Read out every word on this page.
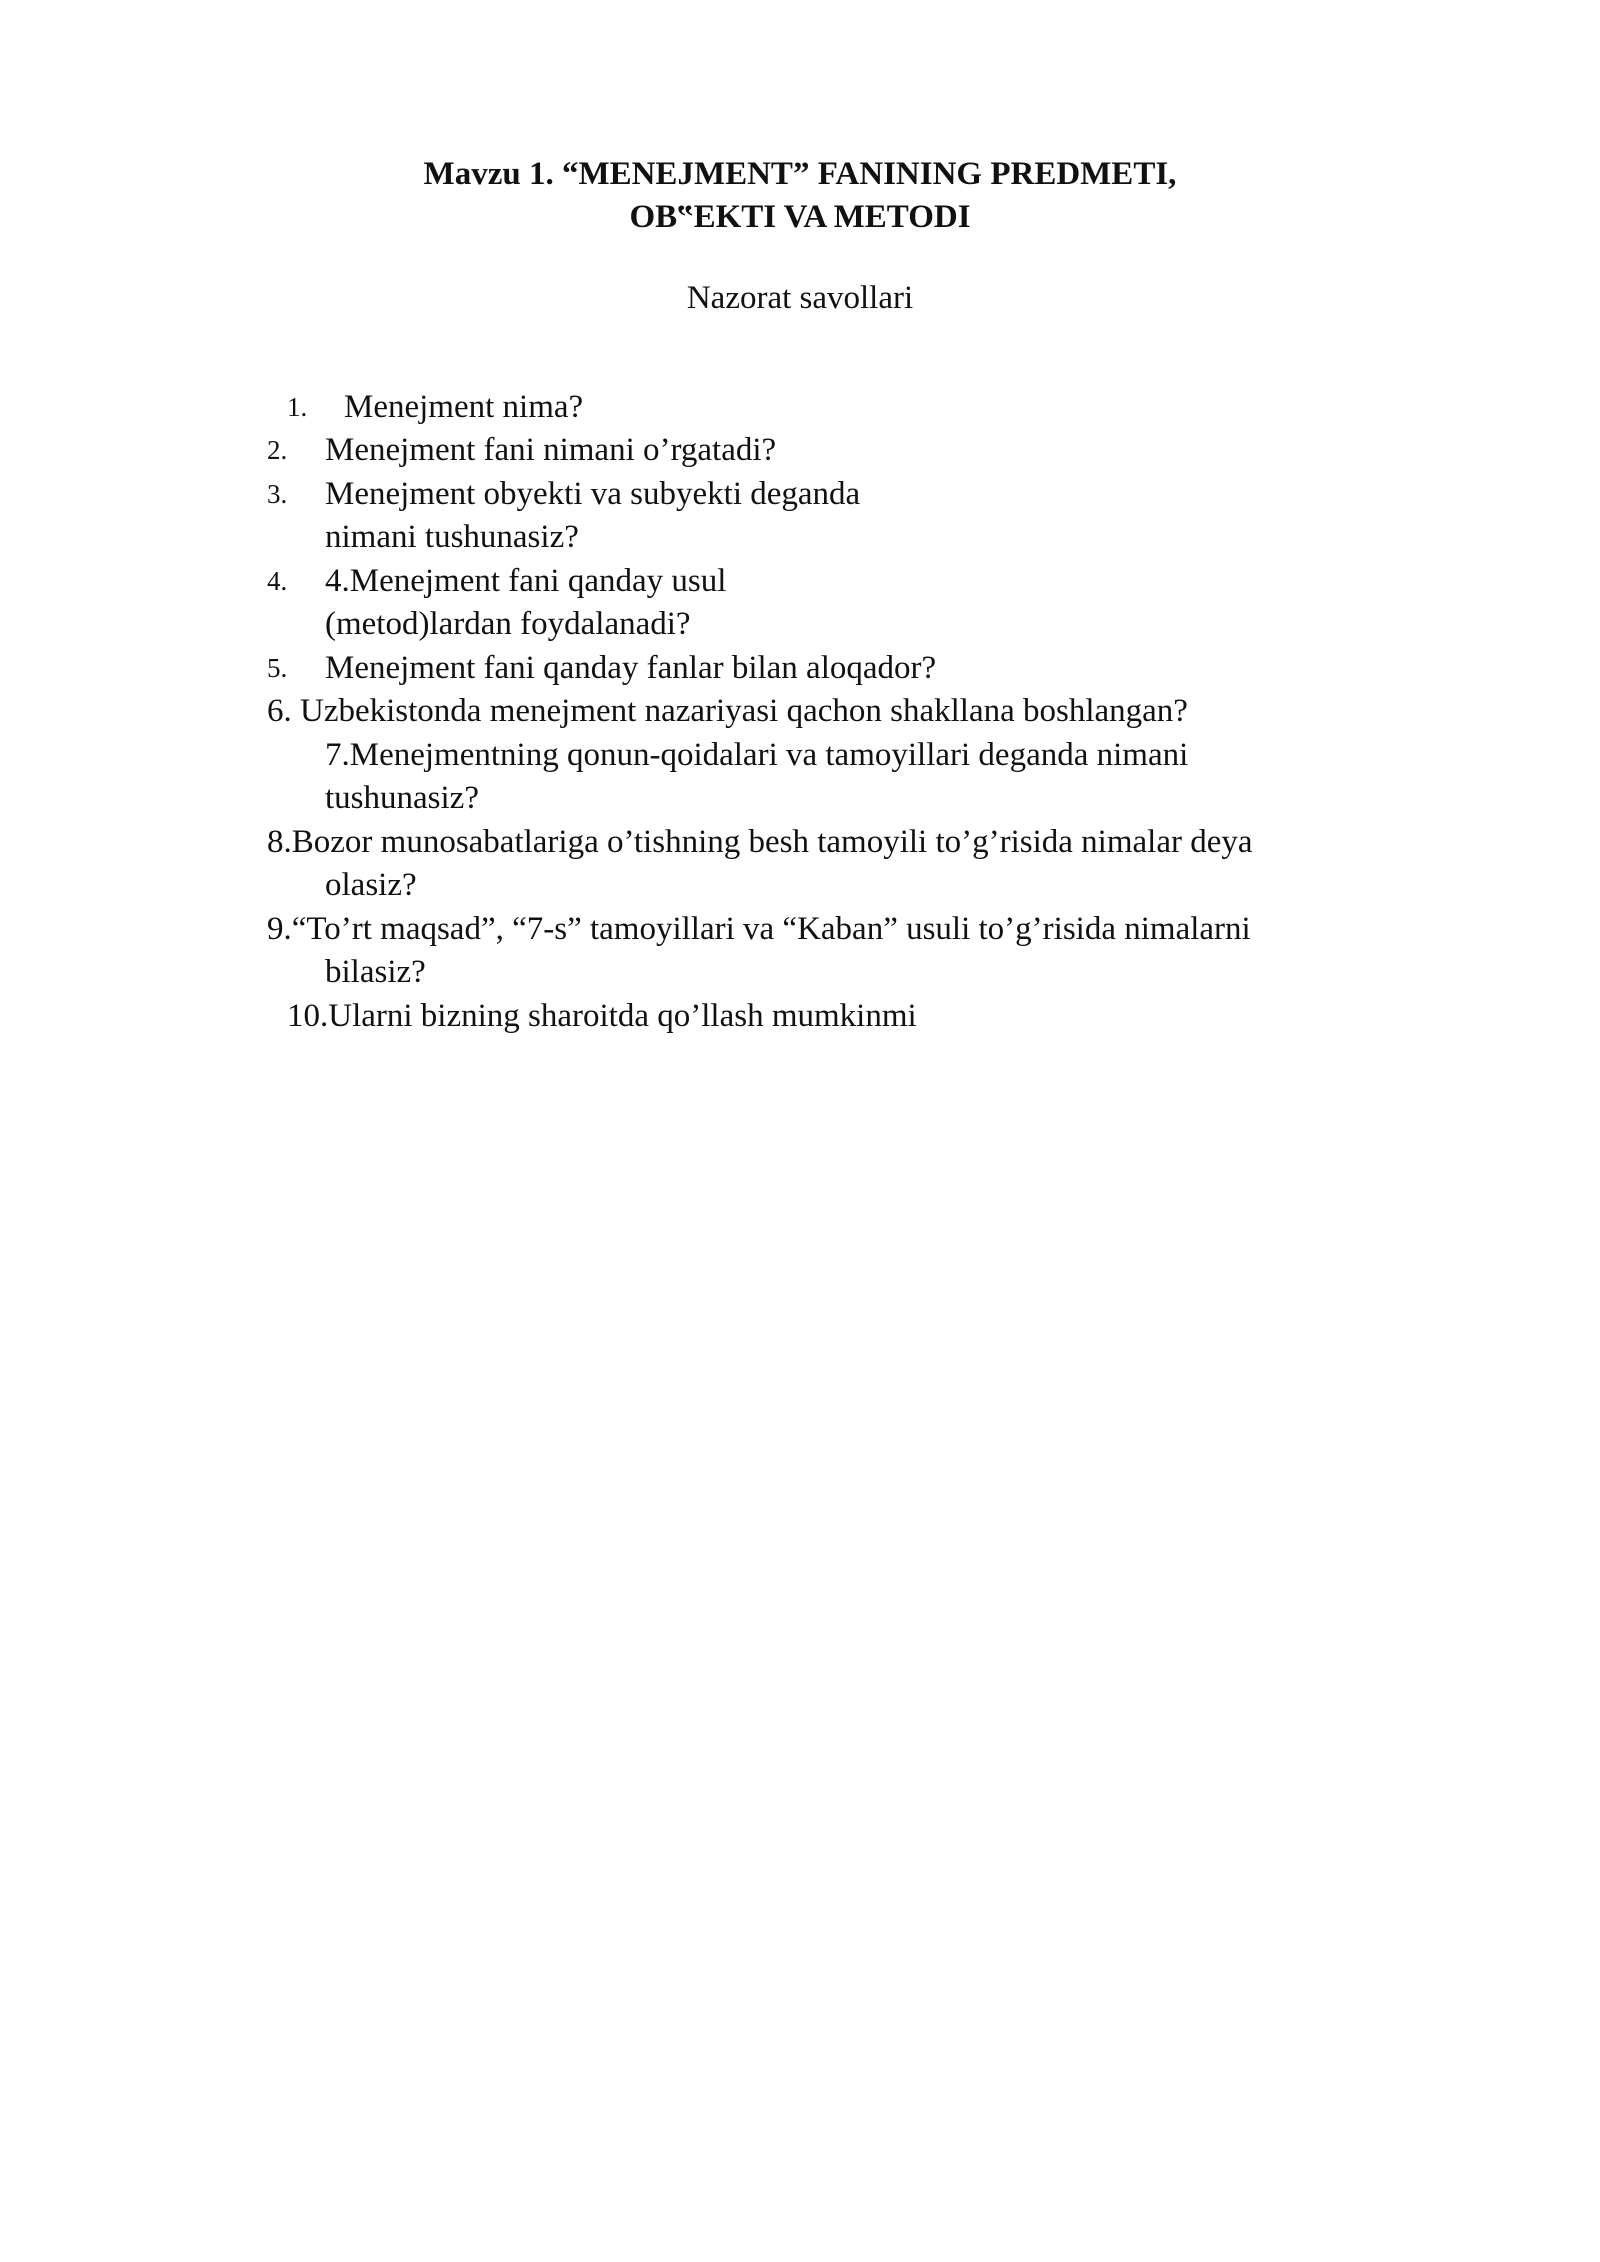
Mavzu 1. “MENEJMENT” FANINING PREDMETI,
OB‟EKTI VA METODI
Nazorat savollari
1. Menejment nima?
2. Menejment fani nimani o’rgatadi?
3. Menejment obyekti va subyekti deganda
nimani tushunasiz?
4. 4.Menejment fani qanday usul
(metod)lardan foydalanadi?
5. Menejment fani qanday fanlar bilan aloqador?
6. Uzbekistonda menejment nazariyasi qachon shakllana boshlangan?
7.Menejmentning qonun-qoidalari va tamoyillari deganda nimani
tushunasiz?
8.Bozor munosabatlariga o’tishning besh tamoyili to’g’risida nimalar deya
olasiz?
9.“To’rt maqsad”, “7-s” tamoyillari va “Kaban” usuli to’g’risida nimalarni
bilasiz?
10.Ularni bizning sharoitda qo’llash mumkinmi
